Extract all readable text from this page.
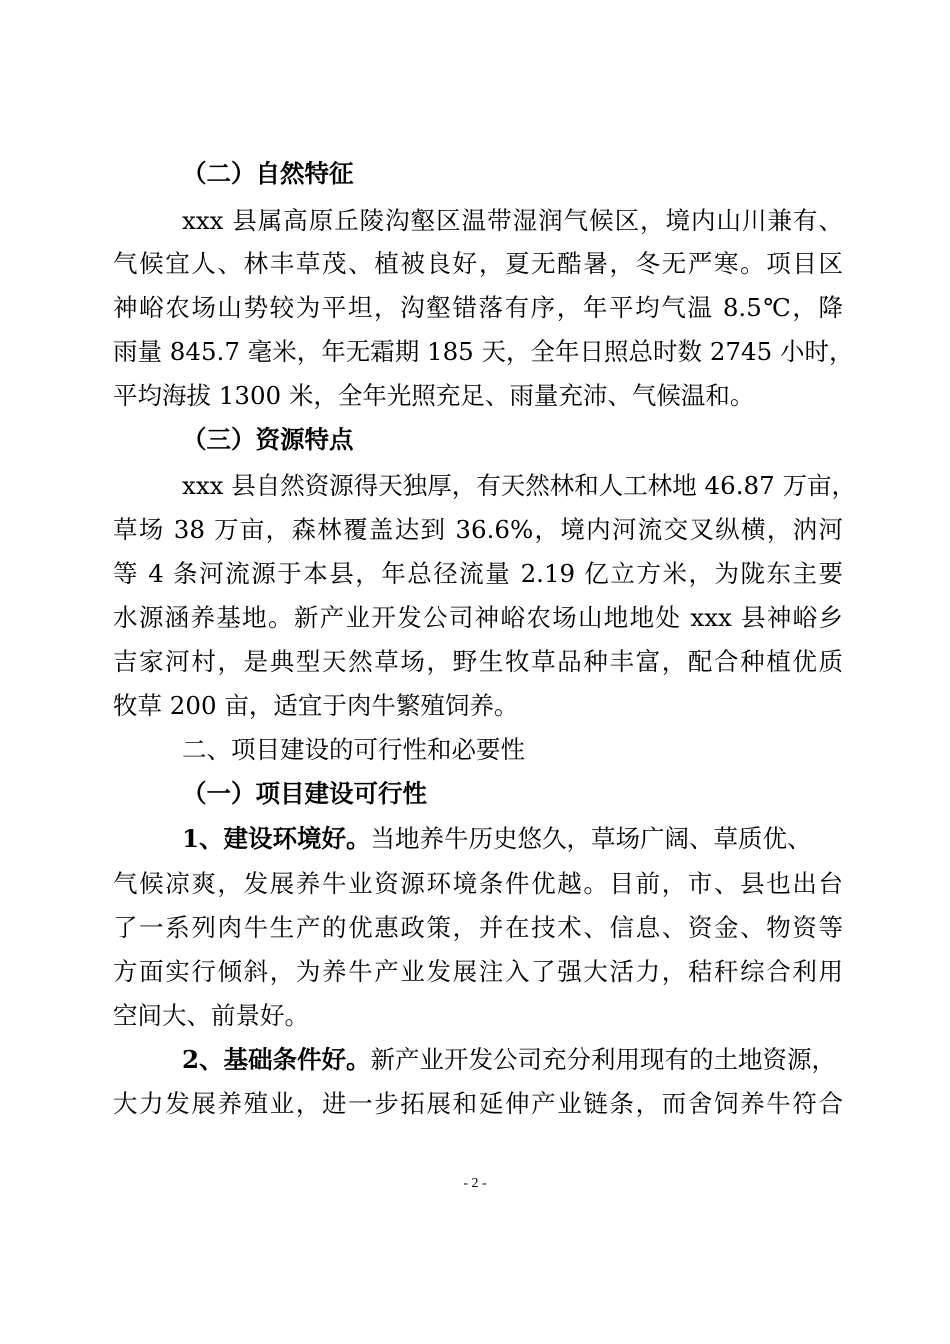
（二）自然特征
xxx 县属高原丘陵沟壑区温带湿润气候区，境内山川兼有、
气候宜人、林丰草茂、植被良好，夏无酷暑，冬无严寒。项目区
神峪农场山势较为平坦，沟壑错落有序，年平均气温 8.5℃，降
雨量 845.7 毫米，年无霜期 185 天，全年日照总时数 2745 小时，
平均海拔 1300 米，全年光照充足、雨量充沛、气候温和。
（三）资源特点
xxx 县自然资源得天独厚，有天然林和人工林地 46.87 万亩，
草场 38 万亩，森林覆盖达到 36.6%，境内河流交叉纵横，汭河
等 4 条河流源于本县，年总径流量 2.19 亿立方米，为陇东主要
水源涵养基地。新产业开发公司神峪农场山地地处 xxx 县神峪乡
吉家河村，是典型天然草场，野生牧草品种丰富，配合种植优质
牧草 200 亩，适宜于肉牛繁殖饲养。
二、项目建设的可行性和必要性
（一）项目建设可行性
1、建设环境好。当地养牛历史悠久，草场广阔、草质优、
气候凉爽，发展养牛业资源环境条件优越。目前，市、县也出台
了一系列肉牛生产的优惠政策，并在技术、信息、资金、物资等
方面实行倾斜，为养牛产业发展注入了强大活力，秸秆综合利用
空间大、前景好。
2、基础条件好。新产业开发公司充分利用现有的土地资源，
大力发展养殖业，进一步拓展和延伸产业链条，而舍饲养牛符合
- 2 -
